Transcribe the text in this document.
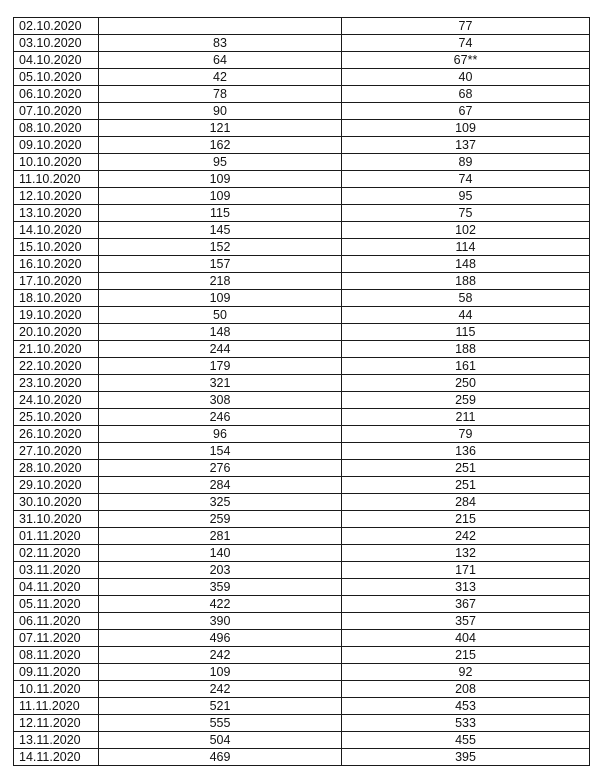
02.10.2020		77
03.10.2020	83	74
04.10.2020	64	67**
05.10.2020	42	40
06.10.2020	78	68
07.10.2020	90	67
08.10.2020	121	109
09.10.2020	162	137
10.10.2020	95	89
11.10.2020	109	74
12.10.2020	109	95
13.10.2020	115	75
14.10.2020	145	102
15.10.2020	152	114
16.10.2020	157	148
17.10.2020	218	188
18.10.2020	109	58
19.10.2020	50	44
20.10.2020	148	115
21.10.2020	244	188
22.10.2020	179	161
23.10.2020	321	250
24.10.2020	308	259
25.10.2020	246	211
26.10.2020	96	79
27.10.2020	154	136
28.10.2020	276	251
29.10.2020	284	251
30.10.2020	325	284
31.10.2020	259	215
01.11.2020	281	242
02.11.2020	140	132
03.11.2020	203	171
04.11.2020	359	313
05.11.2020	422	367
06.11.2020	390	357
07.11.2020	496	404
08.11.2020	242	215
09.11.2020	109	92
10.11.2020	242	208
11.11.2020	521	453
12.11.2020	555	533
13.11.2020	504	455
14.11.2020	469	395
